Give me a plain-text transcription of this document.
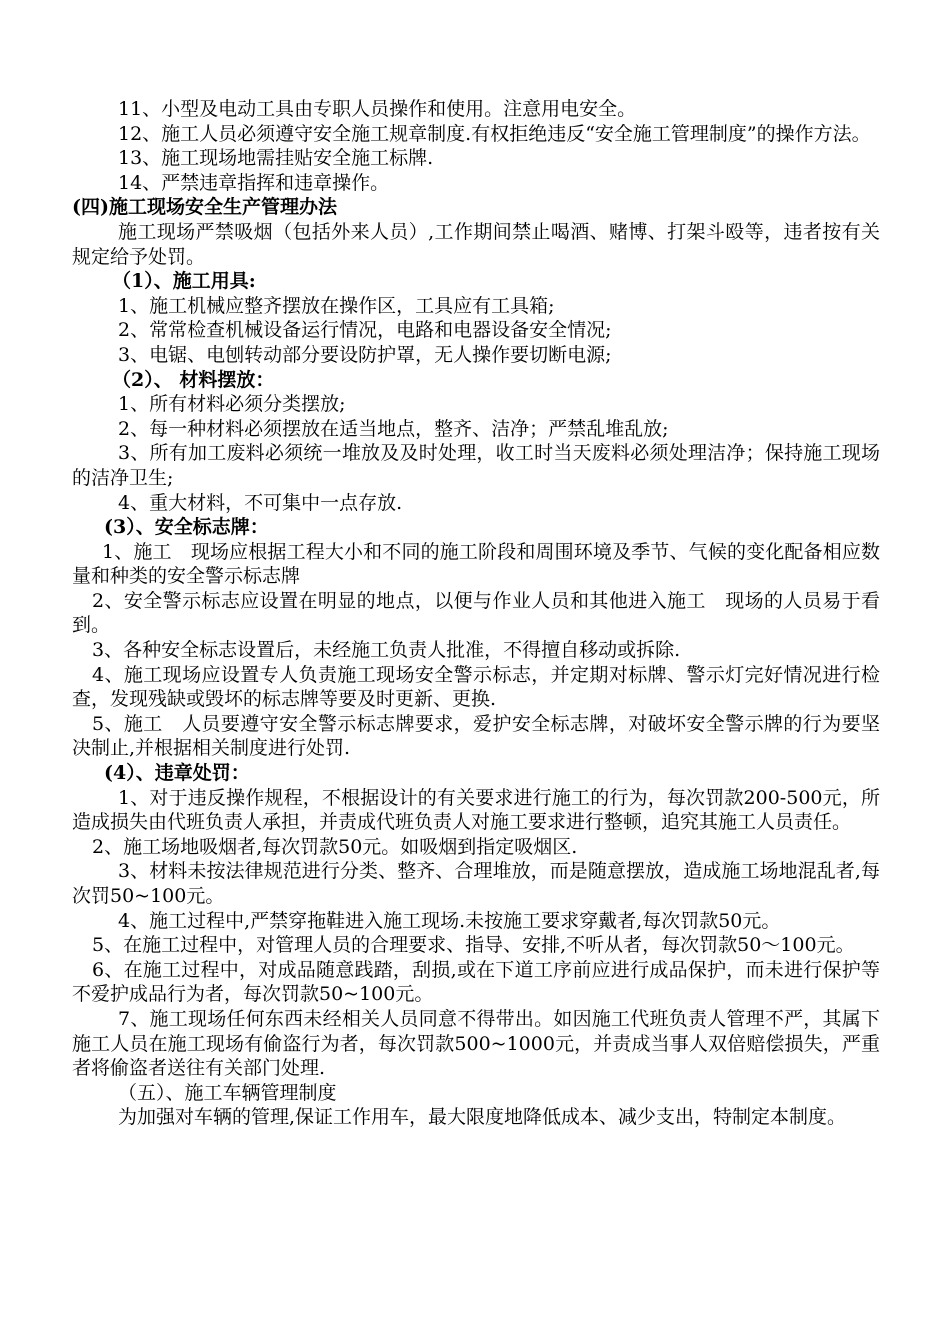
11、小型及电动工具由专职人员操作和使用。注意用电安全。

12、施工人员必须遵守安全施工规章制度.有权拒绝违反“安全施工管理制度”的操作方法。

13、施工现场地需挂贴安全施工标牌.

14、严禁违章指挥和违章操作。

(四)施工现场安全生产管理办法

施工现场严禁吸烟（包括外来人员）,工作期间禁止喝酒、赌博、打架斗殴等，违者按有关规定给予处罚。

（1）、施工用具:

1、施工机械应整齐摆放在操作区，工具应有工具箱;

2、常常检查机械设备运行情况，电路和电器设备安全情况;

3、电锯、电刨转动部分要设防护罩，无人操作要切断电源;

（2）、 材料摆放：

1、所有材料必须分类摆放;

2、每一种材料必须摆放在适当地点，整齐、洁净；严禁乱堆乱放;

3、所有加工废料必须统一堆放及及时处理，收工时当天废料必须处理洁净；保持施工现场的洁净卫生;

4、重大材料，不可集中一点存放.

(3）、安全标志牌：

1、施工　现场应根据工程大小和不同的施工阶段和周围环境及季节、气候的变化配备相应数量和种类的安全警示标志牌

2、安全警示标志应设置在明显的地点，以便与作业人员和其他进入施工　现场的人员易于看到。

3、各种安全标志设置后，未经施工负责人批准，不得擅自移动或拆除.

4、施工现场应设置专人负责施工现场安全警示标志，并定期对标牌、警示灯完好情况进行检查，发现残缺或毁坏的标志牌等要及时更新、更换.

5、施工　人员要遵守安全警示标志牌要求，爱护安全标志牌，对破坏安全警示牌的行为要坚决制止,并根据相关制度进行处罚.

(4）、违章处罚：

1、对于违反操作规程，不根据设计的有关要求进行施工的行为，每次罚款200-500元，所造成损失由代班负责人承担，并责成代班负责人对施工要求进行整顿，追究其施工人员责任。

2、施工场地吸烟者,每次罚款50元。如吸烟到指定吸烟区.

3、材料未按法律规范进行分类、整齐、合理堆放，而是随意摆放，造成施工场地混乱者,每次罚50~100元。

4、施工过程中,严禁穿拖鞋进入施工现场.未按施工要求穿戴者,每次罚款50元。

5、在施工过程中，对管理人员的合理要求、指导、安排,不听从者，每次罚款50～100元。

6、在施工过程中，对成品随意践踏，刮损,或在下道工序前应进行成品保护，而未进行保护等不爱护成品行为者，每次罚款50~100元。

7、施工现场任何东西未经相关人员同意不得带出。如因施工代班负责人管理不严，其属下施工人员在施工现场有偷盗行为者，每次罚款500~1000元，并责成当事人双倍赔偿损失，严重者将偷盗者送往有关部门处理.

（五）、施工车辆管理制度

为加强对车辆的管理,保证工作用车，最大限度地降低成本、减少支出，特制定本制度。
